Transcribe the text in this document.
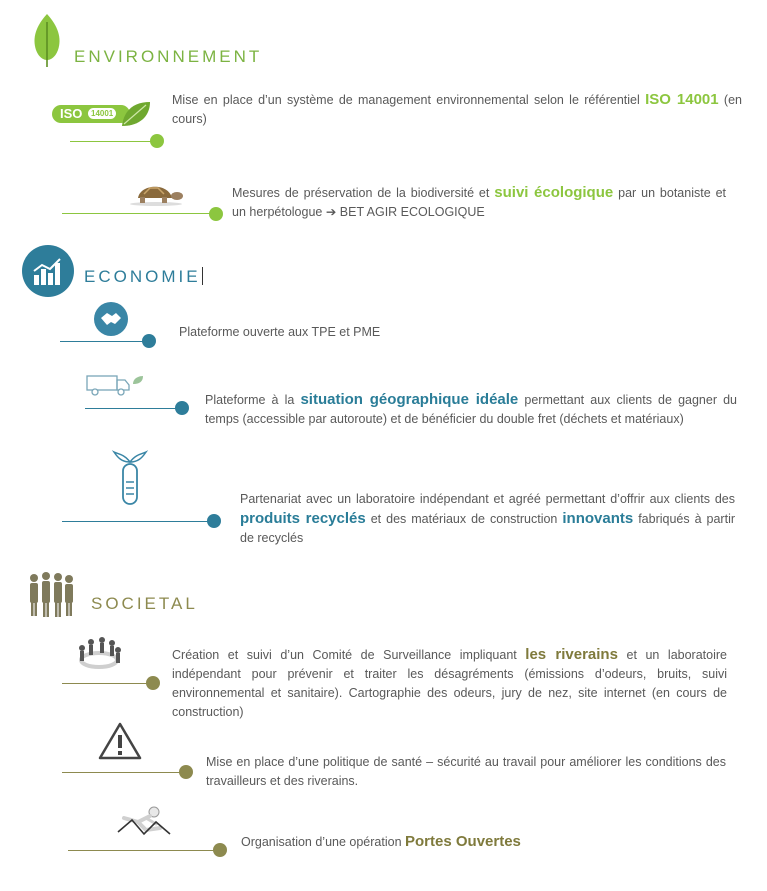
ENVIRONNEMENT
ISO	14001
Mise en place d’un système de management environnemental selon le référentiel ISO 14001 (en cours)
Mesures de préservation de la biodiversité et suivi écologique par un botaniste et un herpétologue ➔ BET AGIR ECOLOGIQUE
ECONOMIE
Plateforme ouverte aux TPE et PME
Plateforme à la situation géographique idéale permettant aux clients de gagner du temps (accessible par autoroute) et de bénéficier du double fret (déchets et matériaux)
Partenariat avec un laboratoire indépendant et agréé permettant d’offrir aux clients des produits recyclés et des matériaux de construction innovants fabriqués à partir de recyclés
SOCIETAL
Création et suivi d’un Comité de Surveillance impliquant les riverains et un laboratoire indépendant pour prévenir et traiter les désagréments (émissions d’odeurs, bruits, suivi environnemental et sanitaire). Cartographie des odeurs, jury de nez, site internet (en cours de construction)
Mise en place d’une politique de santé – sécurité au travail pour améliorer les conditions des travailleurs et des riverains.
Organisation d’une opération Portes Ouvertes
